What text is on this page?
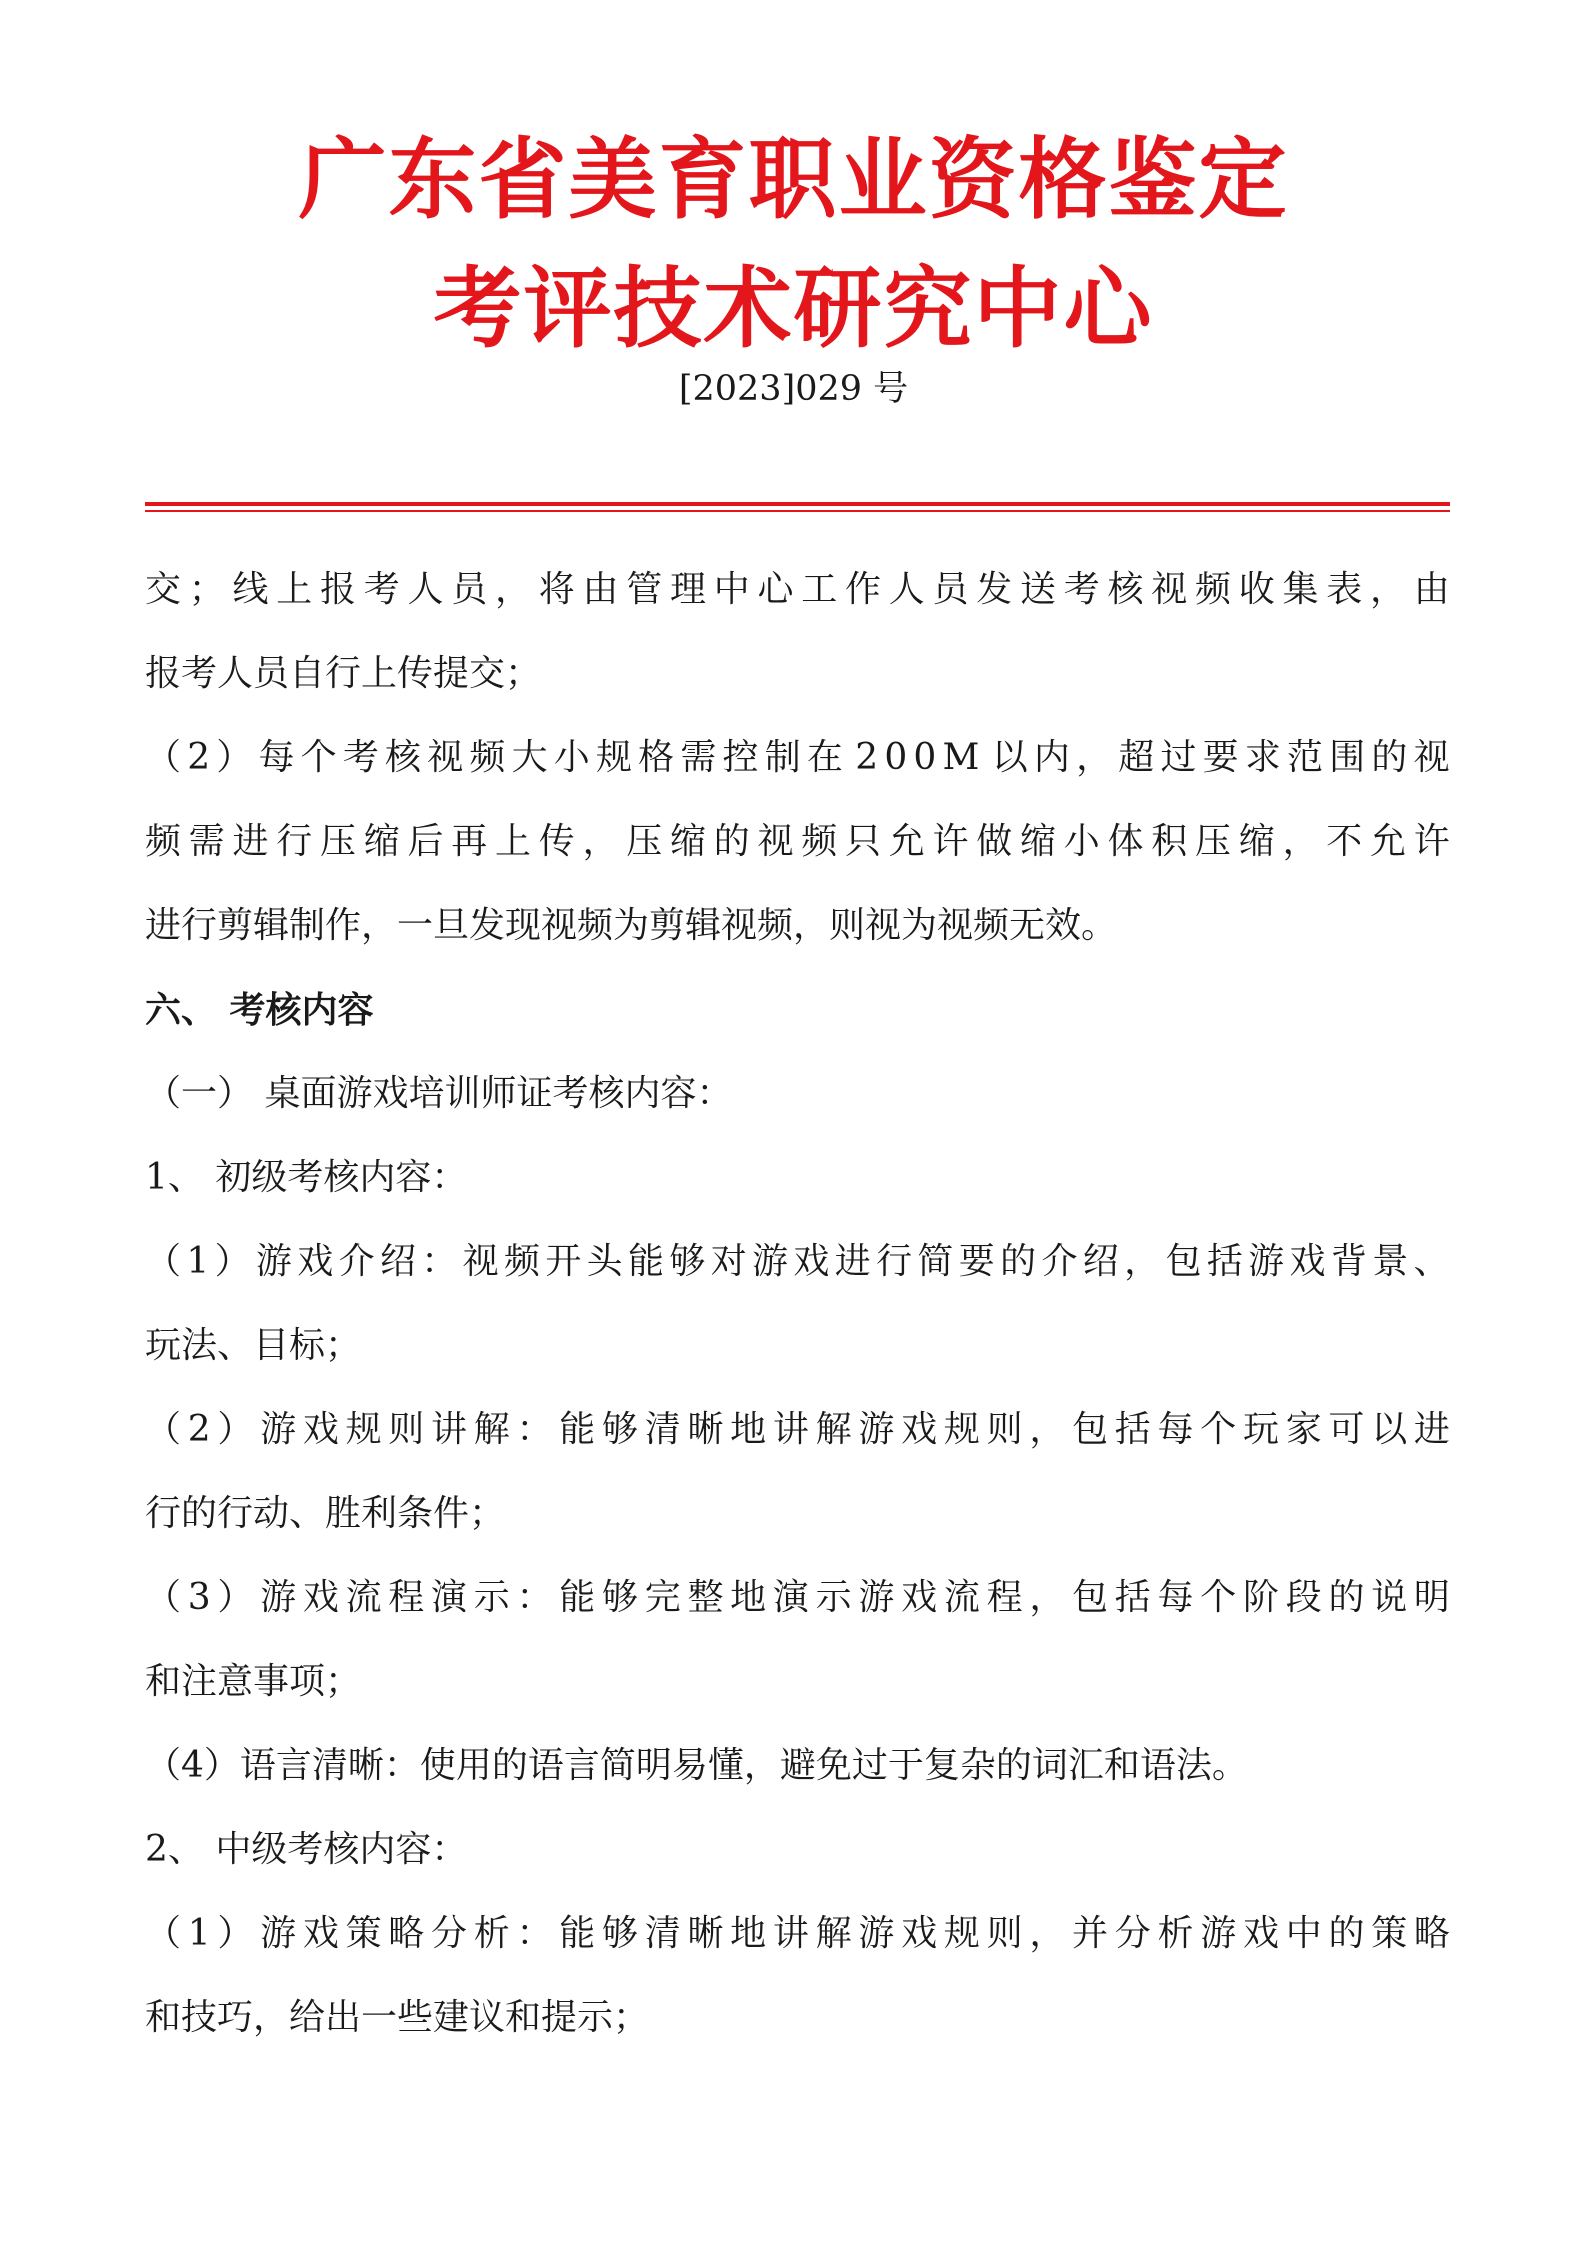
广东省美育职业资格鉴定
考评技术研究中心
[2023]029 号
交 ； 线 上 报 考 人 员 ， 将 由 管 理 中 心 工 作 人 员 发 送 考 核 视 频 收 集 表 ， 由
报考人员自行上传提交；
（ 2 ） 每 个 考 核 视 频 大 小 规 格 需 控 制 在 2 0 0 M 以 内 ， 超 过 要 求 范 围 的 视
频 需 进 行 压 缩 后 再 上 传 ， 压 缩 的 视 频 只 允 许 做 缩 小 体 积 压 缩 ， 不 允 许
进行剪辑制作，一旦发现视频为剪辑视频，则视为视频无效。
六、 考核内容
（一） 桌面游戏培训师证考核内容：
1、 初级考核内容：
（ 1 ） 游 戏 介 绍 ： 视 频 开 头 能 够 对 游 戏 进 行 简 要 的 介 绍 ， 包 括 游 戏 背 景 、
玩法、目标；
（ 2 ） 游 戏 规 则 讲 解 ： 能 够 清 晰 地 讲 解 游 戏 规 则 ， 包 括 每 个 玩 家 可 以 进
行的行动、胜利条件；
（ 3 ） 游 戏 流 程 演 示 ： 能 够 完 整 地 演 示 游 戏 流 程 ， 包 括 每 个 阶 段 的 说 明
和注意事项；
（4）语言清晰：使用的语言简明易懂，避免过于复杂的词汇和语法。
2、 中级考核内容：
（ 1 ） 游 戏 策 略 分 析 ： 能 够 清 晰 地 讲 解 游 戏 规 则 ， 并 分 析 游 戏 中 的 策 略
和技巧，给出一些建议和提示；
